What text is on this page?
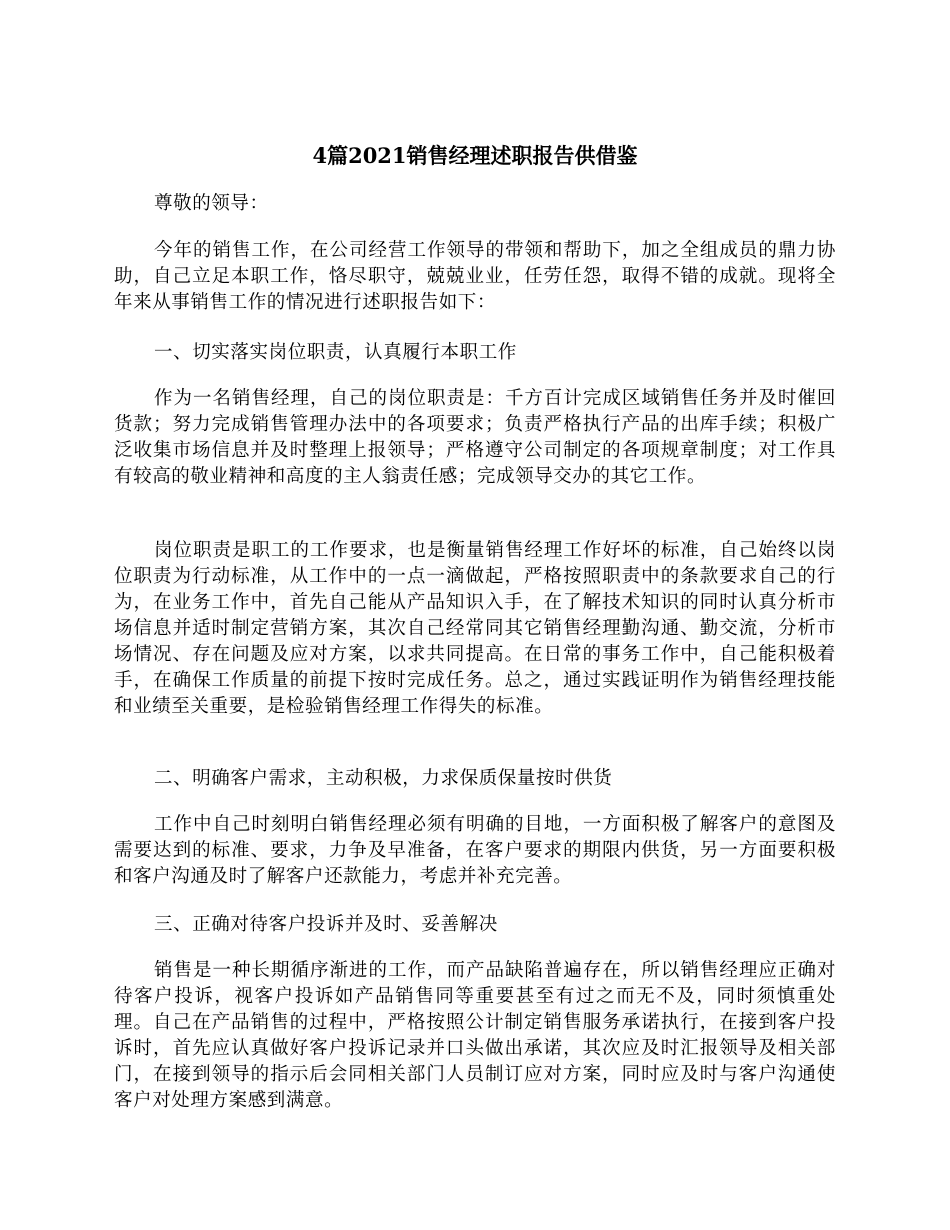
4篇2021销售经理述职报告供借鉴

尊敬的领导：

今年的销售工作，在公司经营工作领导的带领和帮助下，加之全组成员的鼎力协助，自己立足本职工作，恪尽职守，兢兢业业，任劳任怨，取得不错的成就。现将全年来从事销售工作的情况进行述职报告如下：

一、切实落实岗位职责，认真履行本职工作

作为一名销售经理，自己的岗位职责是：千方百计完成区域销售任务并及时催回货款；努力完成销售管理办法中的各项要求；负责严格执行产品的出库手续；积极广泛收集市场信息并及时整理上报领导；严格遵守公司制定的各项规章制度；对工作具有较高的敬业精神和高度的主人翁责任感；完成领导交办的其它工作。

岗位职责是职工的工作要求，也是衡量销售经理工作好坏的标准，自己始终以岗位职责为行动标准，从工作中的一点一滴做起，严格按照职责中的条款要求自己的行为，在业务工作中，首先自己能从产品知识入手，在了解技术知识的同时认真分析市场信息并适时制定营销方案，其次自己经常同其它销售经理勤沟通、勤交流，分析市场情况、存在问题及应对方案，以求共同提高。在日常的事务工作中，自己能积极着手，在确保工作质量的前提下按时完成任务。总之，通过实践证明作为销售经理技能和业绩至关重要，是检验销售经理工作得失的标准。

二、明确客户需求，主动积极，力求保质保量按时供货

工作中自己时刻明白销售经理必须有明确的目地，一方面积极了解客户的意图及需要达到的标准、要求，力争及早准备，在客户要求的期限内供货，另一方面要积极和客户沟通及时了解客户还款能力，考虑并补充完善。

三、正确对待客户投诉并及时、妥善解决

销售是一种长期循序渐进的工作，而产品缺陷普遍存在，所以销售经理应正确对待客户投诉，视客户投诉如产品销售同等重要甚至有过之而无不及，同时须慎重处理。自己在产品销售的过程中，严格按照公计制定销售服务承诺执行，在接到客户投诉时，首先应认真做好客户投诉记录并口头做出承诺，其次应及时汇报领导及相关部门，在接到领导的指示后会同相关部门人员制订应对方案，同时应及时与客户沟通使客户对处理方案感到满意。
